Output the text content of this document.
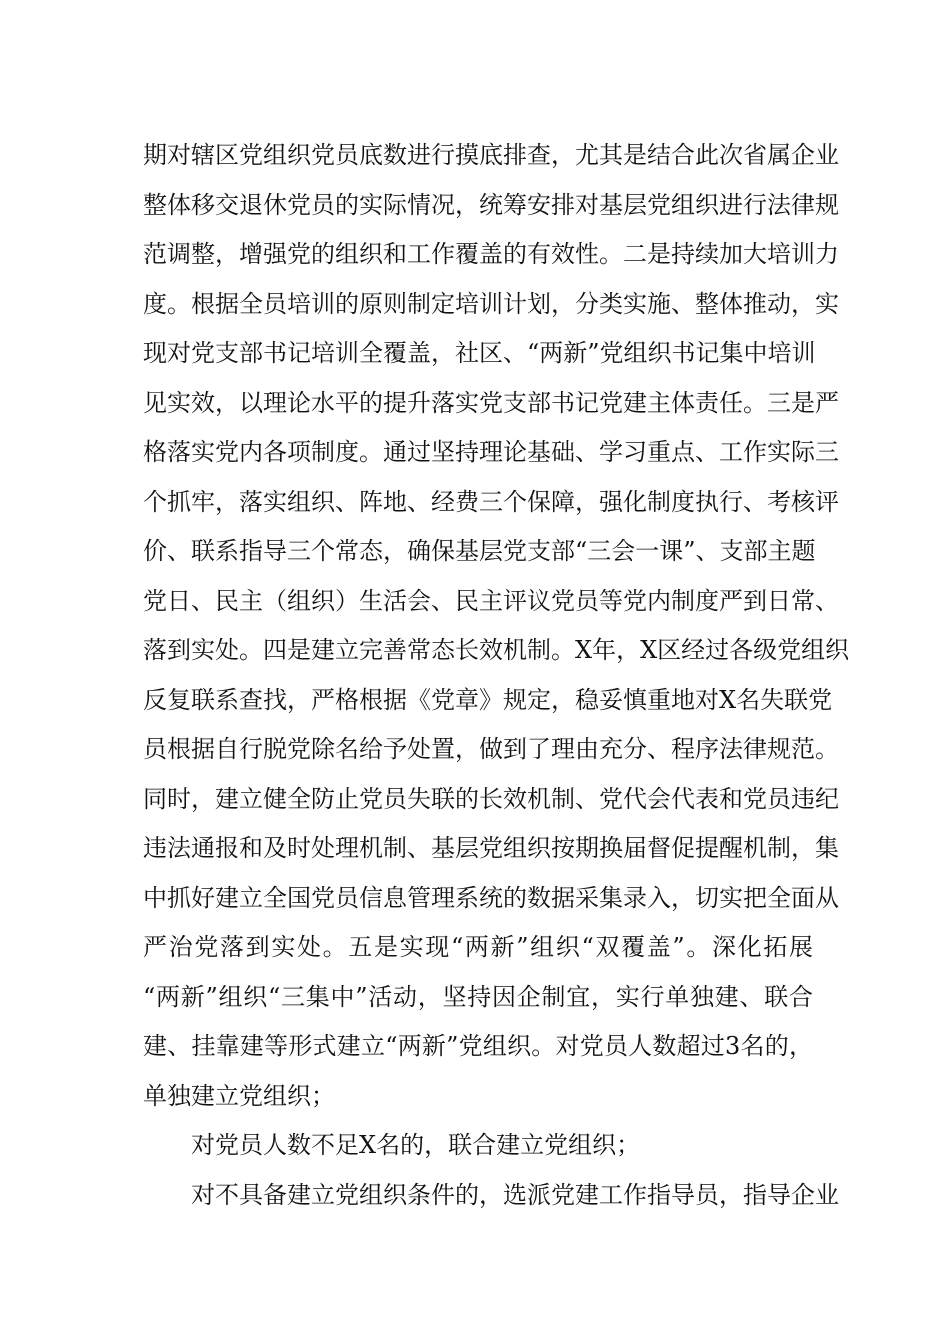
期对辖区党组织党员底数进行摸底排查，尤其是结合此次省属企业
整体移交退休党员的实际情况，统筹安排对基层党组织进行法律规
范调整，增强党的组织和工作覆盖的有效性。二是持续加大培训力
度。根据全员培训的原则制定培训计划，分类实施、整体推动，实
现对党支部书记培训全覆盖，社区、“两新”党组织书记集中培训
见实效，以理论水平的提升落实党支部书记党建主体责任。三是严
格落实党内各项制度。通过坚持理论基础、学习重点、工作实际三
个抓牢，落实组织、阵地、经费三个保障，强化制度执行、考核评
价、联系指导三个常态，确保基层党支部“三会一课”、支部主题
党日、民主（组织）生活会、民主评议党员等党内制度严到日常、
落到实处。四是建立完善常态长效机制。X年，X区经过各级党组织
反复联系查找，严格根据《党章》规定，稳妥慎重地对X名失联党
员根据自行脱党除名给予处置，做到了理由充分、程序法律规范。
同时，建立健全防止党员失联的长效机制、党代会代表和党员违纪
违法通报和及时处理机制、基层党组织按期换届督促提醒机制，集
中抓好建立全国党员信息管理系统的数据采集录入，切实把全面从
严治党落到实处。五是实现“两新”组织“双覆盖”。深化拓展
“两新”组织“三集中”活动，坚持因企制宜，实行单独建、联合
建、挂靠建等形式建立“两新”党组织。对党员人数超过3名的，
单独建立党组织；
对党员人数不足X名的，联合建立党组织；
对不具备建立党组织条件的，选派党建工作指导员，指导企业
